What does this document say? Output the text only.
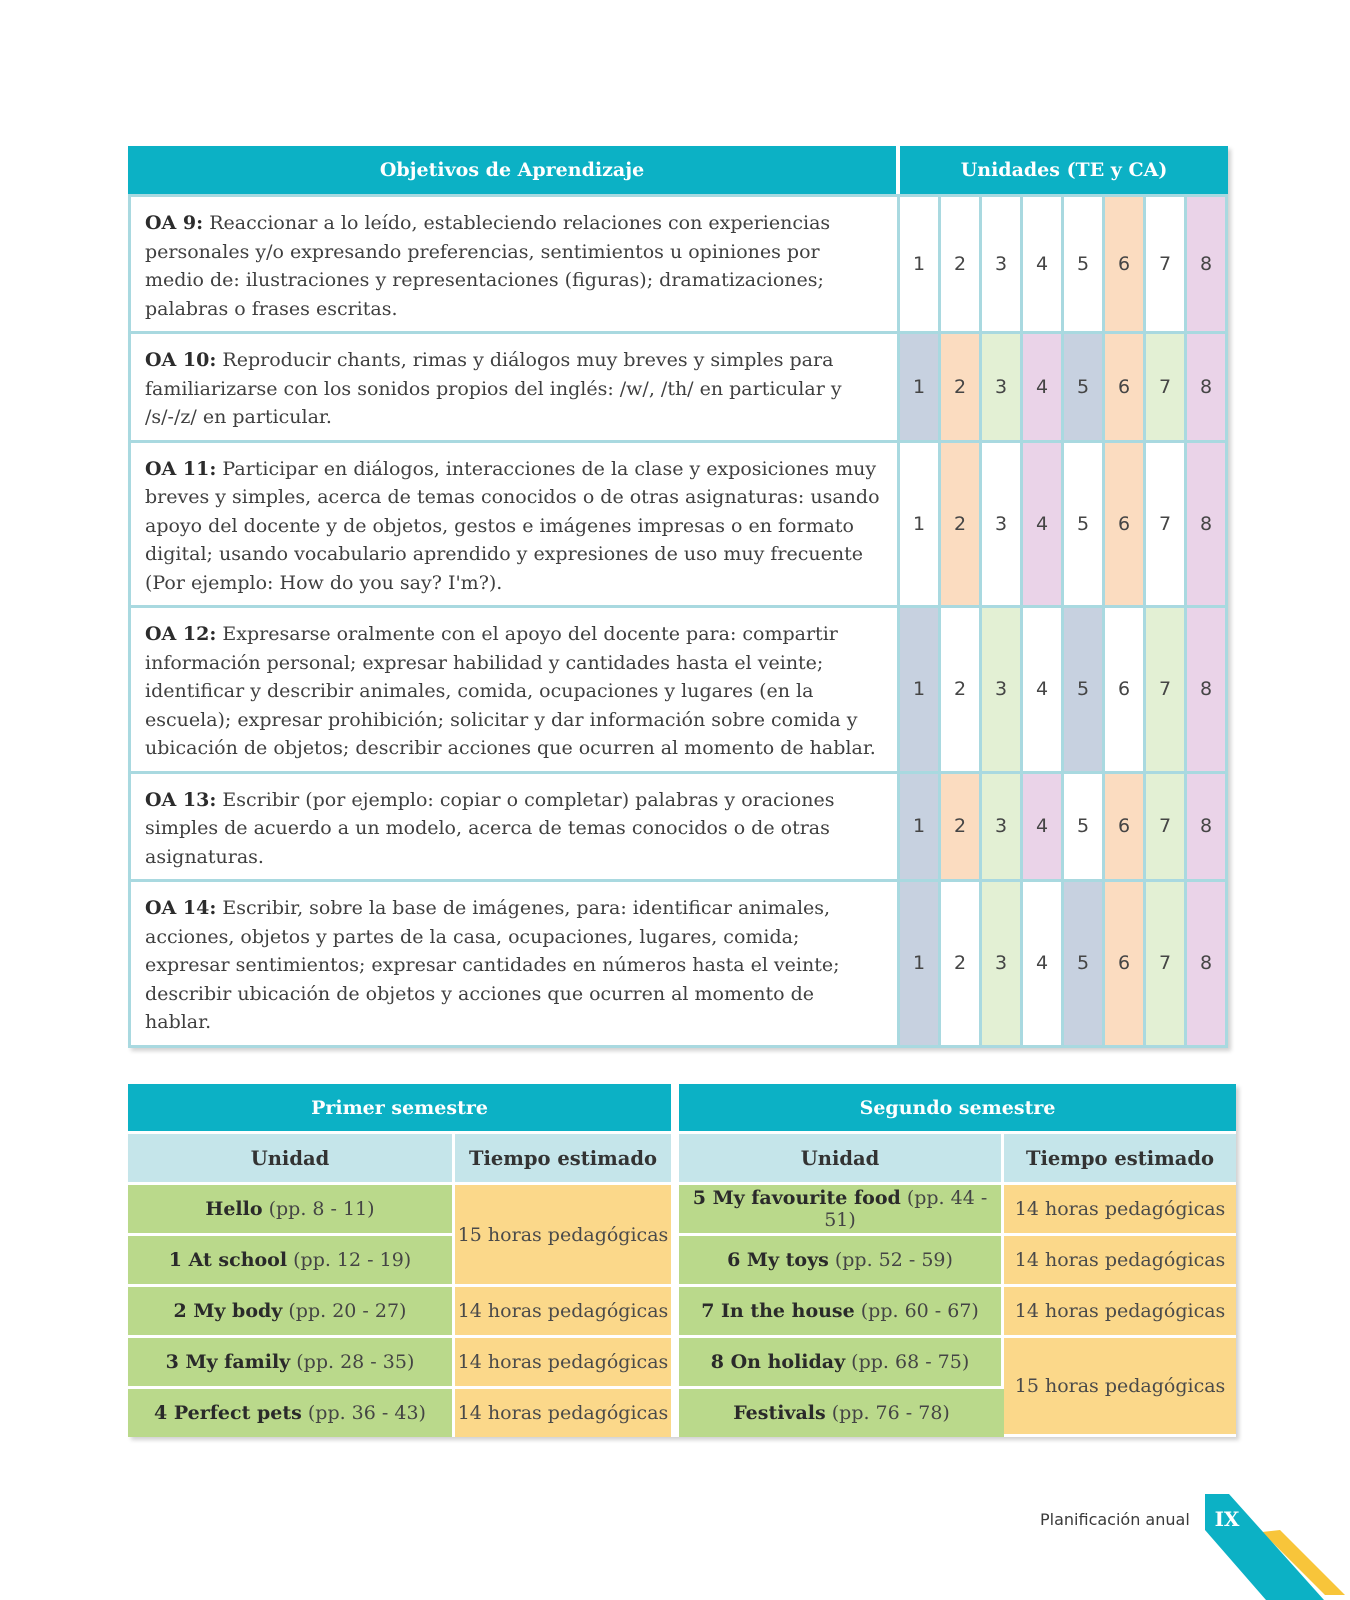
Objetivos de Aprendizaje	Unidades (TE y CA)							
OA 9: Reaccionar a lo leído, estableciendo relaciones con experiencias personales y/o expresando preferencias, sentimientos u opiniones por medio de: ilustraciones y representaciones (figuras); dramatizaciones; palabras o frases escritas.	1	2	3	4	5	6	7	8
OA 10: Reproducir chants, rimas y diálogos muy breves y simples para familiarizarse con los sonidos propios del inglés: /w/, /th/ en particular y /s/-/z/ en particular.	1	2	3	4	5	6	7	8
OA 11: Participar en diálogos, interacciones de la clase y exposiciones muy breves y simples, acerca de temas conocidos o de otras asignaturas: usando apoyo del docente y de objetos, gestos e imágenes impresas o en formato digital; usando vocabulario aprendido y expresiones de uso muy frecuente (Por ejemplo: How do you say? I'm?).	1	2	3	4	5	6	7	8
OA 12: Expresarse oralmente con el apoyo del docente para: compartir información personal; expresar habilidad y cantidades hasta el veinte; identificar y describir animales, comida, ocupaciones y lugares (en la escuela); expresar prohibición; solicitar y dar información sobre comida y ubicación de objetos; describir acciones que ocurren al momento de hablar.	1	2	3	4	5	6	7	8
OA 13: Escribir (por ejemplo: copiar o completar) palabras y oraciones simples de acuerdo a un modelo, acerca de temas conocidos o de otras asignaturas.	1	2	3	4	5	6	7	8
OA 14: Escribir, sobre la base de imágenes, para: identificar animales, acciones, objetos y partes de la casa, ocupaciones, lugares, comida; expresar sentimientos; expresar cantidades en números hasta el veinte; describir ubicación de objetos y acciones que ocurren al momento de hablar.	1	2	3	4	5	6	7	8
Primer semestre		Segundo semestre	
Unidad	Tiempo estimado	Unidad	Tiempo estimado
Hello (pp. 8 - 11)	15 horas pedagógicas	5 My favourite food (pp. 44 - 51)	14 horas pedagógicas
1 At school (pp. 12 - 19)		6 My toys (pp. 52 - 59)	14 horas pedagógicas
2 My body (pp. 20 - 27)	14 horas pedagógicas	7 In the house (pp. 60 - 67)	14 horas pedagógicas
3 My family (pp. 28 - 35)	14 horas pedagógicas	8 On holiday (pp. 68 - 75)	15 horas pedagógicas
4 Perfect pets (pp. 36 - 43)	14 horas pedagógicas	Festivals (pp. 76 - 78)	
Planificación anual	IX
